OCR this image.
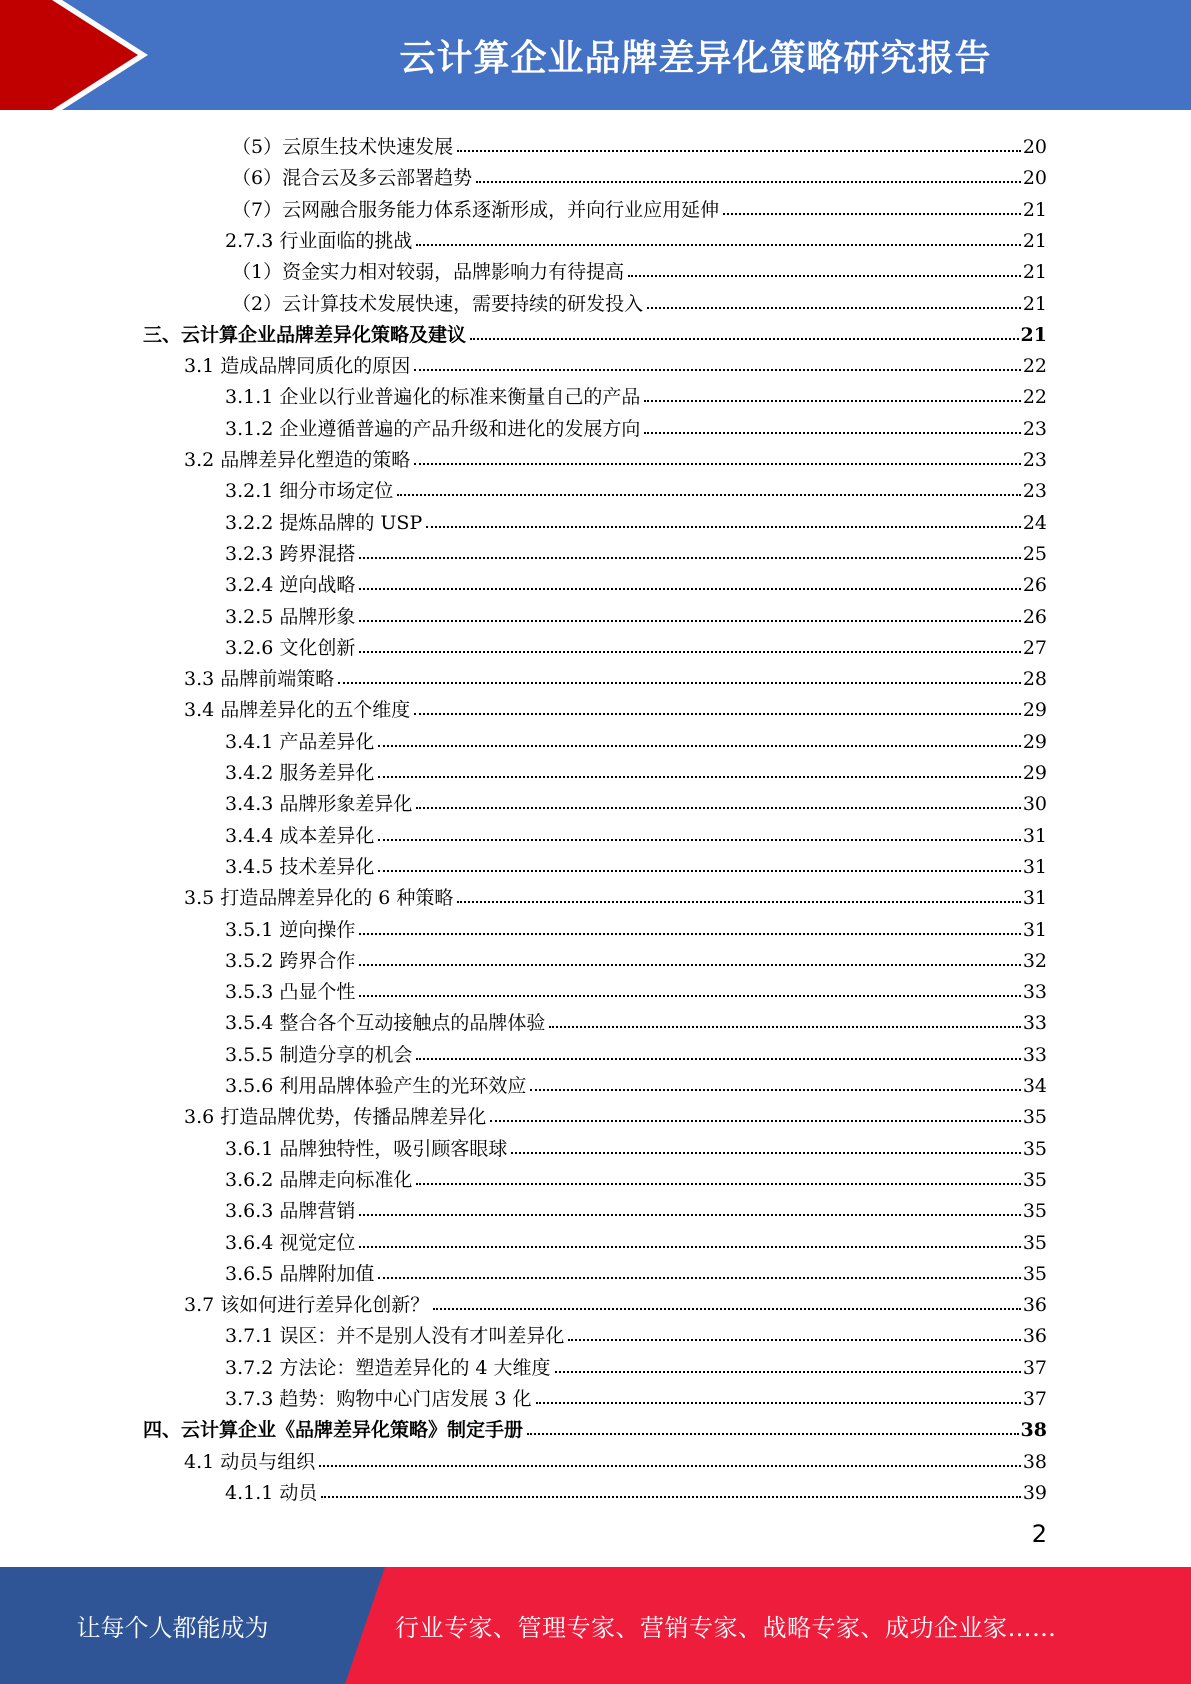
云计算企业品牌差异化策略研究报告
（5）云原生技术快速发展	20
（6）混合云及多云部署趋势	20
（7）云网融合服务能力体系逐渐形成，并向行业应用延伸	21
2.7.3 行业面临的挑战	21
（1）资金实力相对较弱，品牌影响力有待提高	21
（2）云计算技术发展快速，需要持续的研发投入	21
三、云计算企业品牌差异化策略及建议	21
3.1 造成品牌同质化的原因	22
3.1.1 企业以行业普遍化的标准来衡量自己的产品	22
3.1.2 企业遵循普遍的产品升级和进化的发展方向	23
3.2 品牌差异化塑造的策略	23
3.2.1 细分市场定位	23
3.2.2 提炼品牌的 USP	24
3.2.3 跨界混搭	25
3.2.4 逆向战略	26
3.2.5 品牌形象	26
3.2.6 文化创新	27
3.3 品牌前端策略	28
3.4 品牌差异化的五个维度	29
3.4.1 产品差异化	29
3.4.2 服务差异化	29
3.4.3 品牌形象差异化	30
3.4.4 成本差异化	31
3.4.5 技术差异化	31
3.5 打造品牌差异化的 6 种策略	31
3.5.1 逆向操作	31
3.5.2 跨界合作	32
3.5.3 凸显个性	33
3.5.4 整合各个互动接触点的品牌体验	33
3.5.5 制造分享的机会	33
3.5.6 利用品牌体验产生的光环效应	34
3.6 打造品牌优势，传播品牌差异化	35
3.6.1 品牌独特性，吸引顾客眼球	35
3.6.2 品牌走向标准化	35
3.6.3 品牌营销	35
3.6.4 视觉定位	35
3.6.5 品牌附加值	35
3.7 该如何进行差异化创新？	36
3.7.1 误区：并不是别人没有才叫差异化	36
3.7.2 方法论：塑造差异化的 4 大维度	37
3.7.3 趋势：购物中心门店发展 3 化	37
四、云计算企业《品牌差异化策略》制定手册	38
4.1 动员与组织	38
4.1.1 动员	39
2
让每个人都能成为	行业专家、管理专家、营销专家、战略专家、成功企业家……
